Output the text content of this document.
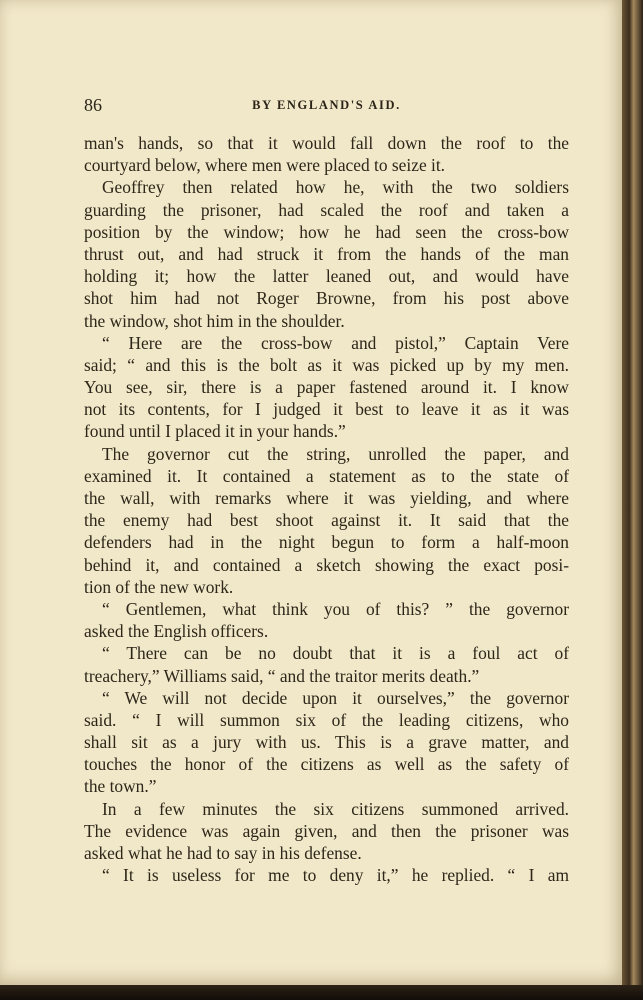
86	BY ENGLAND'S AID.
man's hands, so that it would fall down the roof to the
courtyard below, where men were placed to seize it.
Geoffrey then related how he, with the two soldiers
guarding the prisoner, had scaled the roof and taken a
position by the window; how he had seen the cross-bow
thrust out, and had struck it from the hands of the man
holding it; how the latter leaned out, and would have
shot him had not Roger Browne, from his post above
the window, shot him in the shoulder.
“ Here are the cross-bow and pistol,” Captain Vere
said; “ and this is the bolt as it was picked up by my men.
You see, sir, there is a paper fastened around it. I know
not its contents, for I judged it best to leave it as it was
found until I placed it in your hands.”
The governor cut the string, unrolled the paper, and
examined it. It contained a statement as to the state of
the wall, with remarks where it was yielding, and where
the enemy had best shoot against it. It said that the
defenders had in the night begun to form a half-moon
behind it, and contained a sketch showing the exact posi-
tion of the new work.
“ Gentlemen, what think you of this? ” the governor
asked the English officers.
“ There can be no doubt that it is a foul act of
treachery,” Williams said, “ and the traitor merits death.”
“ We will not decide upon it ourselves,” the governor
said. “ I will summon six of the leading citizens, who
shall sit as a jury with us. This is a grave matter, and
touches the honor of the citizens as well as the safety of
the town.”
In a few minutes the six citizens summoned arrived.
The evidence was again given, and then the prisoner was
asked what he had to say in his defense.
“ It is useless for me to deny it,” he replied. “ I am
